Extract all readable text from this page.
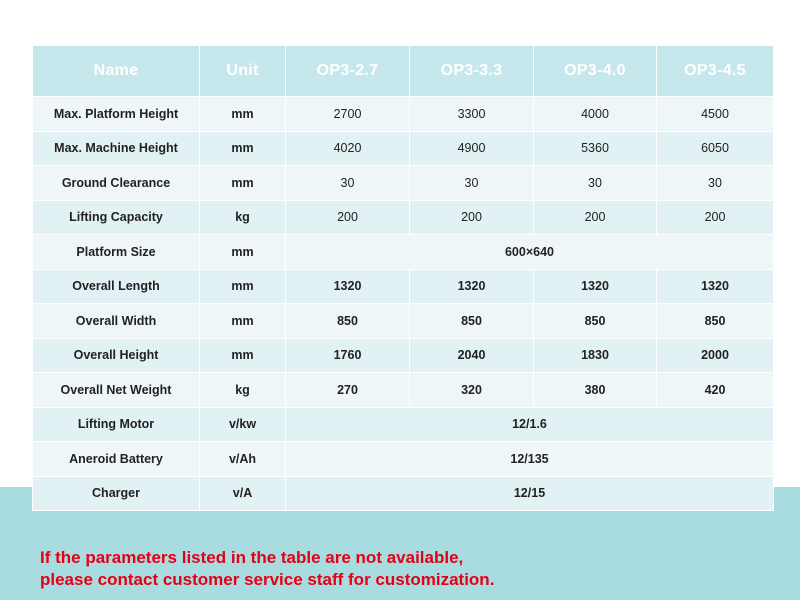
Name	Unit	OP3-2.7	OP3-3.3	OP3-4.0	OP3-4.5
Max. Platform Height	mm	2700	3300	4000	4500
Max. Machine Height	mm	4020	4900	5360	6050
Ground Clearance	mm	30	30	30	30
Lifting Capacity	kg	200	200	200	200
Platform Size	mm	600×640			
Overall Length	mm	1320	1320	1320	1320
Overall Width	mm	850	850	850	850
Overall Height	mm	1760	2040	1830	2000
Overall Net Weight	kg	270	320	380	420
Lifting Motor	v/kw	12/1.6			
Aneroid Battery	v/Ah	12/135			
Charger	v/A	12/15			

If the parameters listed in the table are not available,
please contact customer service staff for customization.
